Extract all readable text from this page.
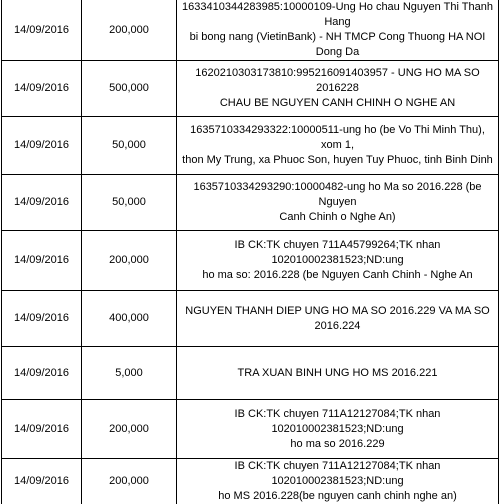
14/09/2016	200,000	1633410344283985:10000109-Ung Ho chau Nguyen Thi Thanh Hang
bi bong nang (VietinBank) - NH TMCP Cong Thuong HA NOI Dong Da

14/09/2016	500,000	1620210303173810:995216091403957 - UNG HO MA SO 2016228
CHAU BE NGUYEN CANH CHINH O NGHE AN

14/09/2016	50,000	1635710334293322:10000511-ung ho (be Vo Thi Minh Thu), xom 1,
thon My Trung, xa Phuoc Son, huyen Tuy Phuoc, tinh Binh Dinh

14/09/2016	50,000	1635710334293290:10000482-ung ho Ma so 2016.228 (be Nguyen
Canh Chinh o Nghe An)

14/09/2016	200,000	IB CK:TK chuyen 711A45799264;TK nhan 102010002381523;ND:ung
ho ma so: 2016.228 (be Nguyen Canh Chinh - Nghe An

14/09/2016	400,000	NGUYEN THANH DIEP UNG HO MA SO 2016.229 VA MA SO 2016.224

14/09/2016	5,000	TRA XUAN BINH UNG HO MS 2016.221

14/09/2016	200,000	IB CK:TK chuyen 711A12127084;TK nhan 102010002381523;ND:ung
ho ma so 2016.229

14/09/2016	200,000	IB CK:TK chuyen 711A12127084;TK nhan 102010002381523;ND:ung
ho MS 2016.228(be nguyen canh chinh nghe an)
